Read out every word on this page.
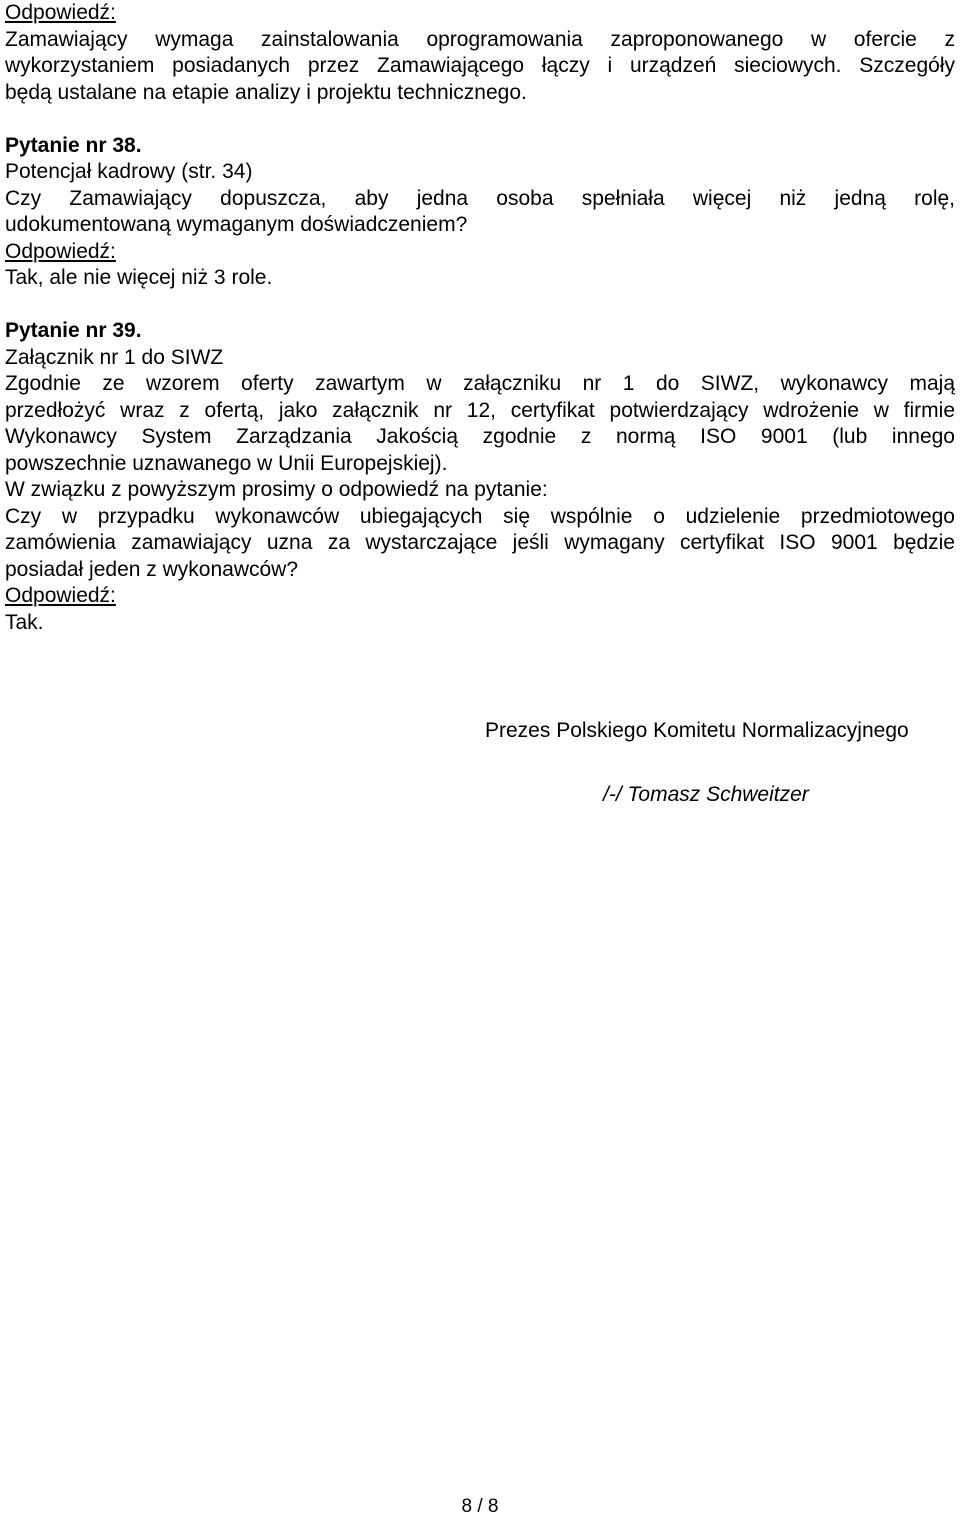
Odpowiedź:
Zamawiający wymaga zainstalowania oprogramowania zaproponowanego w ofercie z
wykorzystaniem posiadanych przez Zamawiającego łączy i urządzeń sieciowych. Szczegóły
będą ustalane na etapie analizy i projektu technicznego.
Pytanie nr 38.
Potencjał kadrowy (str. 34)
Czy Zamawiający dopuszcza, aby jedna osoba spełniała więcej niż jedną rolę,
udokumentowaną wymaganym doświadczeniem?
Odpowiedź:
Tak, ale nie więcej niż 3 role.
Pytanie nr 39.
Załącznik nr 1 do SIWZ
Zgodnie ze wzorem oferty zawartym w załączniku nr 1 do SIWZ, wykonawcy mają
przedłożyć wraz z ofertą, jako załącznik nr 12, certyfikat potwierdzający wdrożenie w firmie
Wykonawcy System Zarządzania Jakością zgodnie z normą ISO 9001 (lub innego
powszechnie uznawanego w Unii Europejskiej).
W związku z powyższym prosimy o odpowiedź na pytanie:
Czy w przypadku wykonawców ubiegających się wspólnie o udzielenie przedmiotowego
zamówienia zamawiający uzna za wystarczające jeśli wymagany certyfikat ISO 9001 będzie
posiadał jeden z wykonawców?
Odpowiedź:
Tak.
Prezes Polskiego Komitetu Normalizacyjnego
/-/ Tomasz Schweitzer
8 / 8
